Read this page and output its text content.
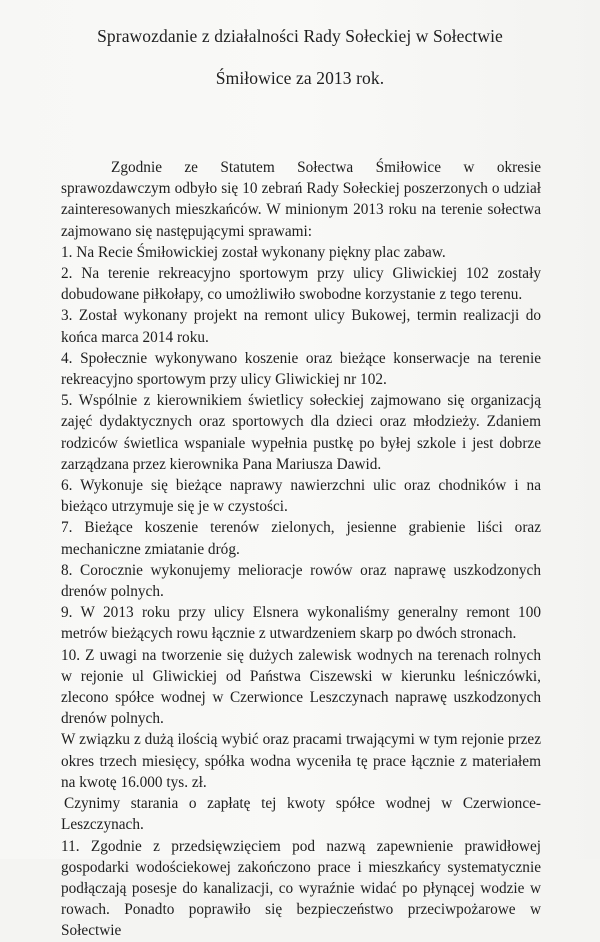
Sprawozdanie z działalności Rady Sołeckiej w Sołectwie
Śmiłowice za 2013 rok.

Zgodnie ze Statutem Sołectwa Śmiłowice w okresie sprawozdawczym odbyło się 10 zebrań Rady Sołeckiej poszerzonych o udział zainteresowanych mieszkańców. W minionym 2013 roku na terenie sołectwa zajmowano się następującymi sprawami:

1. Na Recie Śmiłowickiej został wykonany piękny plac zabaw.

2. Na terenie rekreacyjno sportowym przy ulicy Gliwickiej 102 zostały dobudowane piłkołapy, co umożliwiło swobodne korzystanie z tego terenu.

3. Został wykonany projekt na remont ulicy Bukowej, termin realizacji do końca marca 2014 roku.

4. Społecznie wykonywano koszenie oraz bieżące konserwacje na terenie rekreacyjno sportowym przy ulicy Gliwickiej nr 102.

5. Wspólnie z kierownikiem świetlicy sołeckiej zajmowano się organizacją zajęć dydaktycznych oraz sportowych dla dzieci oraz młodzieży. Zdaniem rodziców świetlica wspaniale wypełnia pustkę po byłej szkole i jest dobrze zarządzana przez kierownika Pana Mariusza Dawid.

6. Wykonuje się bieżące naprawy nawierzchni ulic oraz chodników i na bieżąco utrzymuje się je w czystości.

7. Bieżące koszenie terenów zielonych, jesienne grabienie liści oraz mechaniczne zmiatanie dróg.

8. Corocznie wykonujemy melioracje rowów oraz naprawę uszkodzonych drenów polnych.

9. W 2013 roku przy ulicy Elsnera wykonaliśmy generalny remont 100 metrów bieżących rowu łącznie z utwardzeniem skarp po dwóch stronach.

10. Z uwagi na tworzenie się dużych zalewisk wodnych na terenach rolnych w rejonie ul Gliwickiej od Państwa Ciszewski w kierunku leśniczówki, zlecono spółce wodnej w Czerwionce Leszczynach naprawę uszkodzonych drenów polnych.

W związku z dużą ilością wybić oraz pracami trwającymi w tym rejonie przez okres trzech miesięcy, spółka wodna wyceniła tę prace łącznie z materiałem na kwotę 16.000 tys. zł.

Czynimy starania o zapłatę tej kwoty spółce wodnej w Czerwionce-Leszczynach.

11. Zgodnie z przedsięwzięciem pod nazwą zapewnienie prawidłowej gospodarki wodościekowej zakończono prace i mieszkańcy systematycznie podłączają posesje do kanalizacji, co wyraźnie widać po płynącej wodzie w rowach. Ponadto poprawiło się bezpieczeństwo przeciwpożarowe w Sołectwie
